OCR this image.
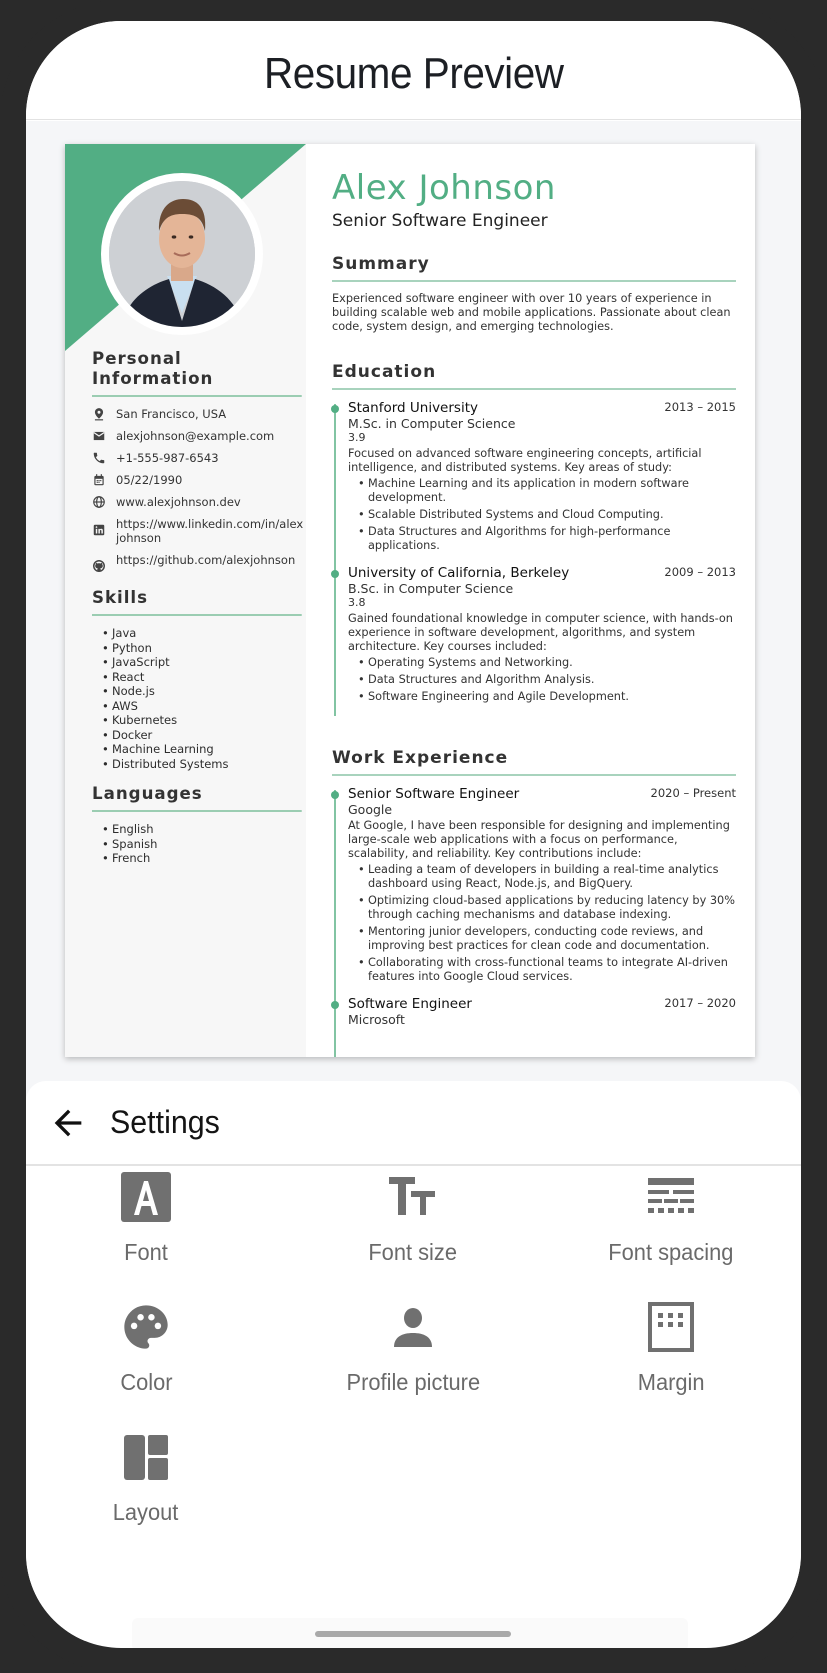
Resume Preview
Personal Information
San Francisco, USA
alexjohnson@example.com
+1-555-987-6543
05/22/1990
www.alexjohnson.dev
https://www.linkedin.com/in/alexjohnson
https://github.com/alexjohnson
Skills
• Java
• Python
• JavaScript
• React
• Node.js
• AWS
• Kubernetes
• Docker
• Machine Learning
• Distributed Systems
Languages
• English
• Spanish
• French
Alex Johnson
Senior Software Engineer
Summary
Experienced software engineer with over 10 years of experience in building scalable web and mobile applications. Passionate about clean code, system design, and emerging technologies.
Education
Stanford University	2013 – 2015
M.Sc. in Computer Science
3.9
Focused on advanced software engineering concepts, artificial intelligence, and distributed systems. Key areas of study:
• Machine Learning and its application in modern software development.
• Scalable Distributed Systems and Cloud Computing.
• Data Structures and Algorithms for high-performance applications.
University of California, Berkeley	2009 – 2013
B.Sc. in Computer Science
3.8
Gained foundational knowledge in computer science, with hands-on experience in software development, algorithms, and system architecture. Key courses included:
• Operating Systems and Networking.
• Data Structures and Algorithm Analysis.
• Software Engineering and Agile Development.
Work Experience
Senior Software Engineer	2020 – Present
Google
At Google, I have been responsible for designing and implementing large-scale web applications with a focus on performance, scalability, and reliability. Key contributions include:
• Leading a team of developers in building a real-time analytics dashboard using React, Node.js, and BigQuery.
• Optimizing cloud-based applications by reducing latency by 30% through caching mechanisms and database indexing.
• Mentoring junior developers, conducting code reviews, and improving best practices for clean code and documentation.
• Collaborating with cross-functional teams to integrate AI-driven features into Google Cloud services.
Software Engineer	2017 – 2020
Microsoft
Settings
Font	Font size	Font spacing
Color	Profile picture	Margin
Layout
